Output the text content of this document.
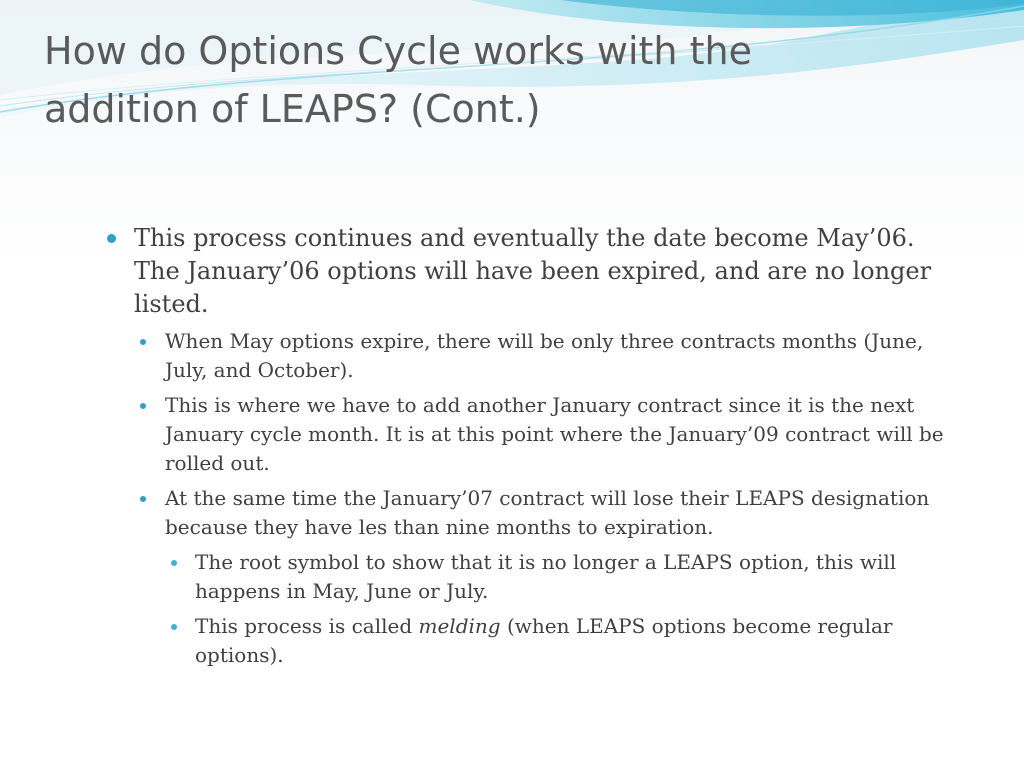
How do Options Cycle works with the
addition of LEAPS? (Cont.)
This process continues and eventually the date become May’06. The January’06 options will have been expired, and are no longer listed.
When May options expire, there will be only three contracts months (June, July, and October).
This is where we have to add another January contract since it is the next January cycle month. It is at this point where the January’09 contract will be rolled out.
At the same time the January’07 contract will lose their LEAPS designation because they have les than nine months to expiration.
The root symbol to show that it is no longer a LEAPS option, this will happens in May, June or July.
This process is called melding (when LEAPS options become regular options).
